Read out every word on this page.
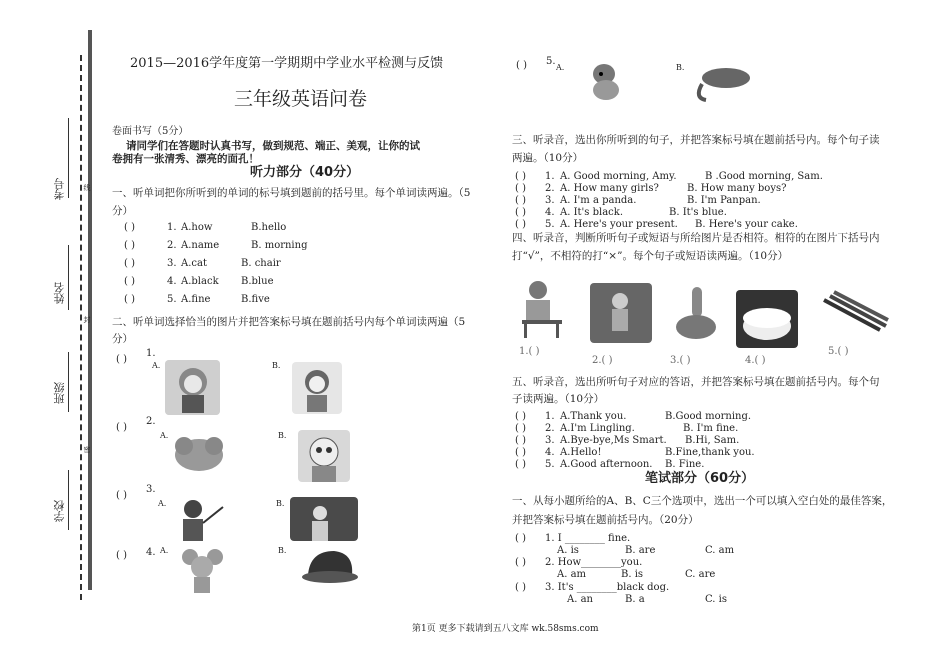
考号
姓名
班级
学校
线
封
密
2015—2016学年度第一学期期中学业水平检测与反馈
三年级英语问卷
卷面书写（5分）
请同学们在答题时认真书写，做到规范、端正、美观，让你的试
卷拥有一张清秀、漂亮的面孔！
听力部分（40分）
一、听单词把你所听到的单词的标号填到题前的括号里。每个单词读两遍。（5
分）
( )	1. A.how	B.hello
( )	2. A.name	B. morning
( )	3. A.cat	B. chair
( )	4. A.black B.blue
( )	5. A.fine	B.five
二、听单词选择恰当的图片并把答案标号填在题前括号内每个单词读两遍（5
分）
( )
1.
A.	B.
( )
2.
A.	B.
( )
3.
A.	B.
( ) 4. A.	B.
( ) 5.
A.	B.
三、听录音，选出你所听到的句子，并把答案标号填在题前括号内。每个句子读
两遍。（10分）
( ) 1. A. Good morning, Amy.	B .Good morning, Sam.
( ) 2. A. How many girls?	B. How many boys?
( ) 3. A. I'm a panda.	B. I'm Panpan.
( ) 4. A. It's black.	B. It's blue.
( ) 5. A. Here's your present. B. Here's your cake.
四、听录音，判断所听句子或短语与所给图片是否相符。相符的在图片下括号内
打“√”，不相符的打“×”。每个句子或短语读两遍。（10分）
1.( )
2.( )	3.( )	4.( )
5.( )
五、听录音，选出所听句子对应的答语，并把答案标号填在题前括号内。每个句
子读两遍。（10分）
( ) 1. A.Thank you.	B.Good morning.
( ) 2. A.I'm Lingling.	B. I'm fine.
( ) 3. A.Bye-bye,Ms Smart. B.Hi, Sam.
( ) 4. A.Hello!	B.Fine,thank you.
( ) 5. A.Good afternoon. B. Fine.
笔试部分（60分）
一、从每小题所给的A、B、C三个选项中，选出一个可以填入空白处的最佳答案，
并把答案标号填在题前括号内。（20分）
( ) 1. I ________ fine.
A. is	B. are	C. am
( ) 2. How________you.
A. am	B. is	C. are
( ) 3. It's ________black dog.
A. an	B. a	C. is
第1页 更多下载请到五八文库 wk.58sms.com
